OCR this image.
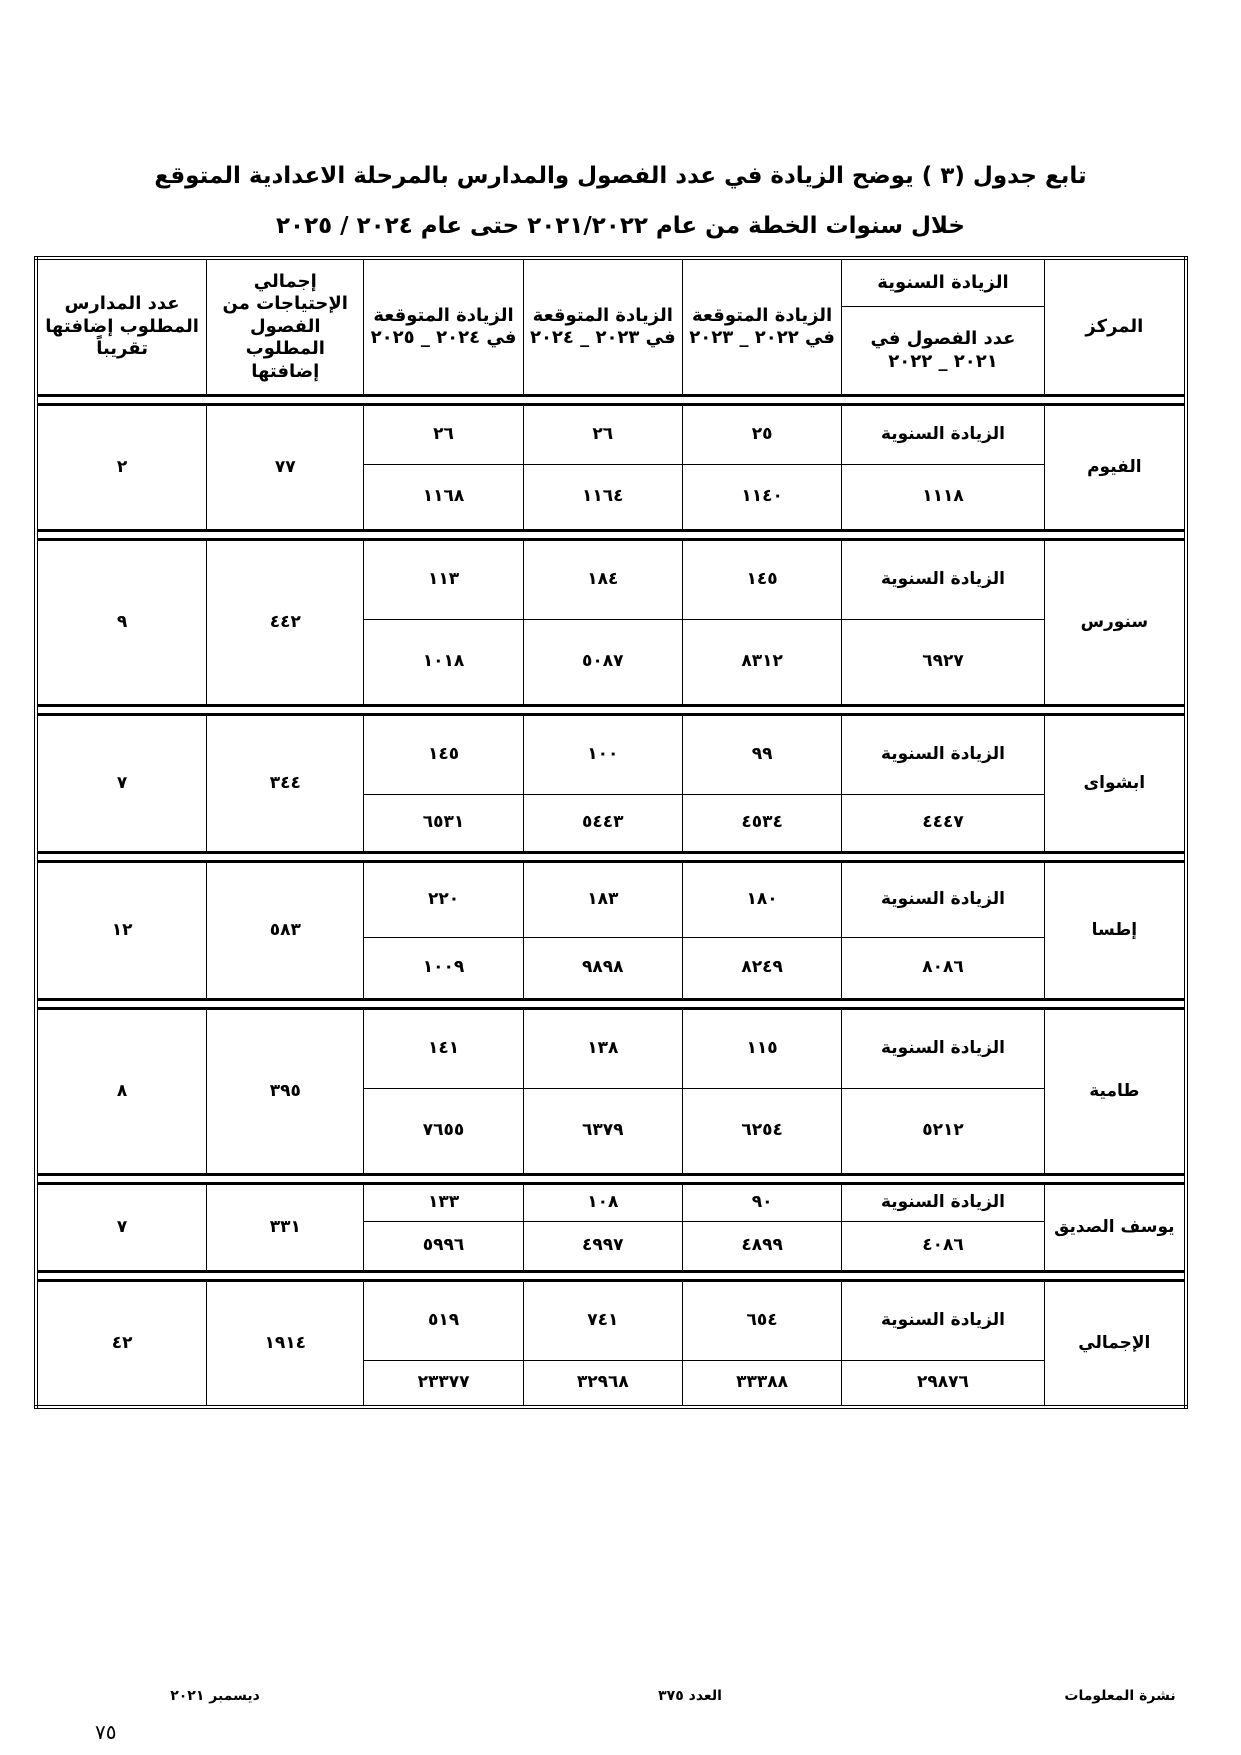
تابع جدول (٣ ) يوضح الزيادة في عدد الفصول والمدارس بالمرحلة الاعدادية المتوقع
خلال سنوات الخطة من عام ٢٠٢١/٢٠٢٢ حتى عام ٢٠٢٤ / ٢٠٢٥
المركز	الزيادة السنوية	الزيادة المتوقعة في ٢٠٢٢ _ ٢٠٢٣	الزيادة المتوقعة في ٢٠٢٣ _ ٢٠٢٤	الزيادة المتوقعة في ٢٠٢٤ _ ٢٠٢٥	إجمالي الإحتياجات من الفصول المطلوب إضافتها	عدد المدارس المطلوب إضافتها تقريباً
	عدد الفصول في ٢٠٢١ _ ٢٠٢٢					

الفيوم	الزيادة السنوية	٢٥	٢٦	٢٦	٧٧	٢
	١١١٨	١١٤٠	١١٦٤	١١٦٨		

سنورس	الزيادة السنوية	١٤٥	١٨٤	١١٣	٤٤٢	٩
	٦٩٢٧	٨٣١٢	٥٠٨٧	١٠١٨		

ابشواى	الزيادة السنوية	٩٩	١٠٠	١٤٥	٣٤٤	٧
	٤٤٤٧	٤٥٣٤	٥٤٤٣	٦٥٣١		

إطسا	الزيادة السنوية	١٨٠	١٨٣	٢٢٠	٥٨٣	١٢
	٨٠٨٦	٨٢٤٩	٩٨٩٨	١٠٠٩		

طامية	الزيادة السنوية	١١٥	١٣٨	١٤١	٣٩٥	٨
	٥٢١٢	٦٢٥٤	٦٣٧٩	٧٦٥٥		

يوسف الصديق	الزيادة السنوية	٩٠	١٠٨	١٣٣	٣٣١	٧
	٤٠٨٦	٤٨٩٩	٤٩٩٧	٥٩٩٦		

الإجمالي	الزيادة السنوية	٦٥٤	٧٤١	٥١٩	١٩١٤	٤٢
	٢٩٨٧٦	٣٣٣٨٨	٣٢٩٦٨	٢٣٣٧٧		
نشرة المعلومات
العدد ٣٧٥
ديسمبر ٢٠٢١
٧٥
